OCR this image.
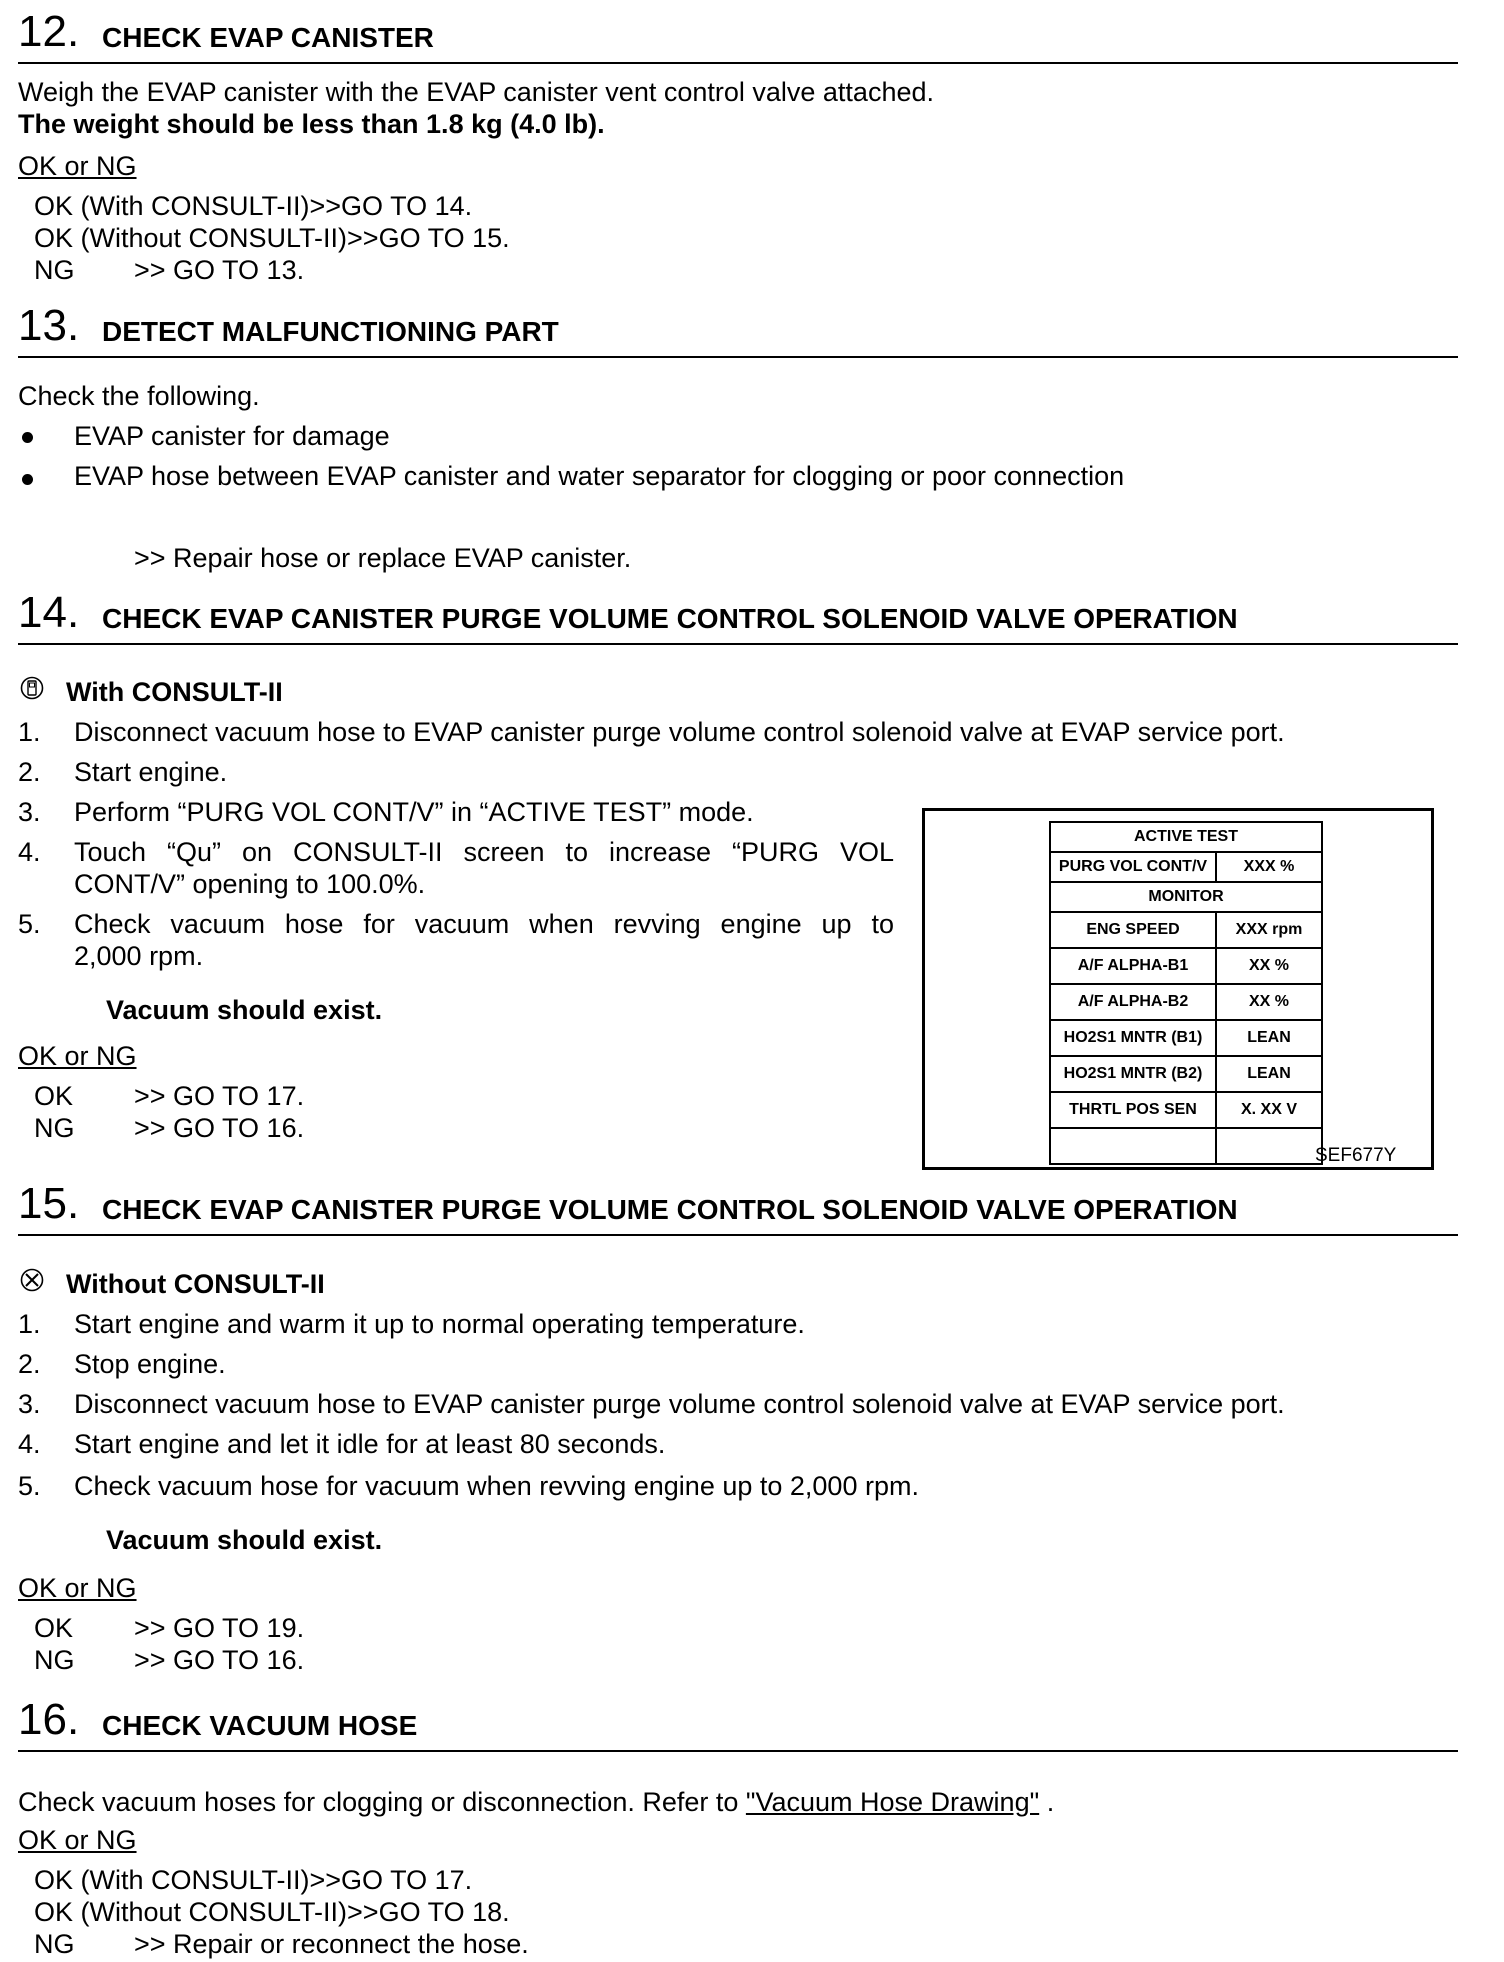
12. CHECK EVAP CANISTER
Weigh the EVAP canister with the EVAP canister vent control valve attached.
The weight should be less than 1.8 kg (4.0 lb).
OK or NG
OK (With CONSULT-II)>>GO TO 14.
OK (Without CONSULT-II)>>GO TO 15.
NG >> GO TO 13.
13. DETECT MALFUNCTIONING PART
Check the following.
EVAP canister for damage
EVAP hose between EVAP canister and water separator for clogging or poor connection
>> Repair hose or replace EVAP canister.
14. CHECK EVAP CANISTER PURGE VOLUME CONTROL SOLENOID VALVE OPERATION
With CONSULT-II
1. Disconnect vacuum hose to EVAP canister purge volume control solenoid valve at EVAP service port.
2. Start engine.
3. Perform “PURG VOL CONT/V” in “ACTIVE TEST” mode.
4. Touch “Qu” on CONSULT-II screen to increase “PURG VOL
CONT/V” opening to 100.0%.
5. Check vacuum hose for vacuum when revving engine up to
2,000 rpm.
Vacuum should exist.
OK or NG
OK >> GO TO 17.
NG >> GO TO 16.
ACTIVE TEST	
PURG VOL CONT/V	XXX %
MONITOR	
ENG SPEED	XXX rpm
A/F ALPHA-B1	XX %
A/F ALPHA-B2	XX %
HO2S1 MNTR (B1)	LEAN
HO2S1 MNTR (B2)	LEAN
THRTL POS SEN	X. XX V

SEF677Y
15. CHECK EVAP CANISTER PURGE VOLUME CONTROL SOLENOID VALVE OPERATION
Without CONSULT-II
1. Start engine and warm it up to normal operating temperature.
2. Stop engine.
3. Disconnect vacuum hose to EVAP canister purge volume control solenoid valve at EVAP service port.
4. Start engine and let it idle for at least 80 seconds.
5. Check vacuum hose for vacuum when revving engine up to 2,000 rpm.
Vacuum should exist.
OK or NG
OK >> GO TO 19.
NG >> GO TO 16.
16. CHECK VACUUM HOSE
Check vacuum hoses for clogging or disconnection. Refer to "Vacuum Hose Drawing" .
OK or NG
OK (With CONSULT-II)>>GO TO 17.
OK (Without CONSULT-II)>>GO TO 18.
NG >> Repair or reconnect the hose.
